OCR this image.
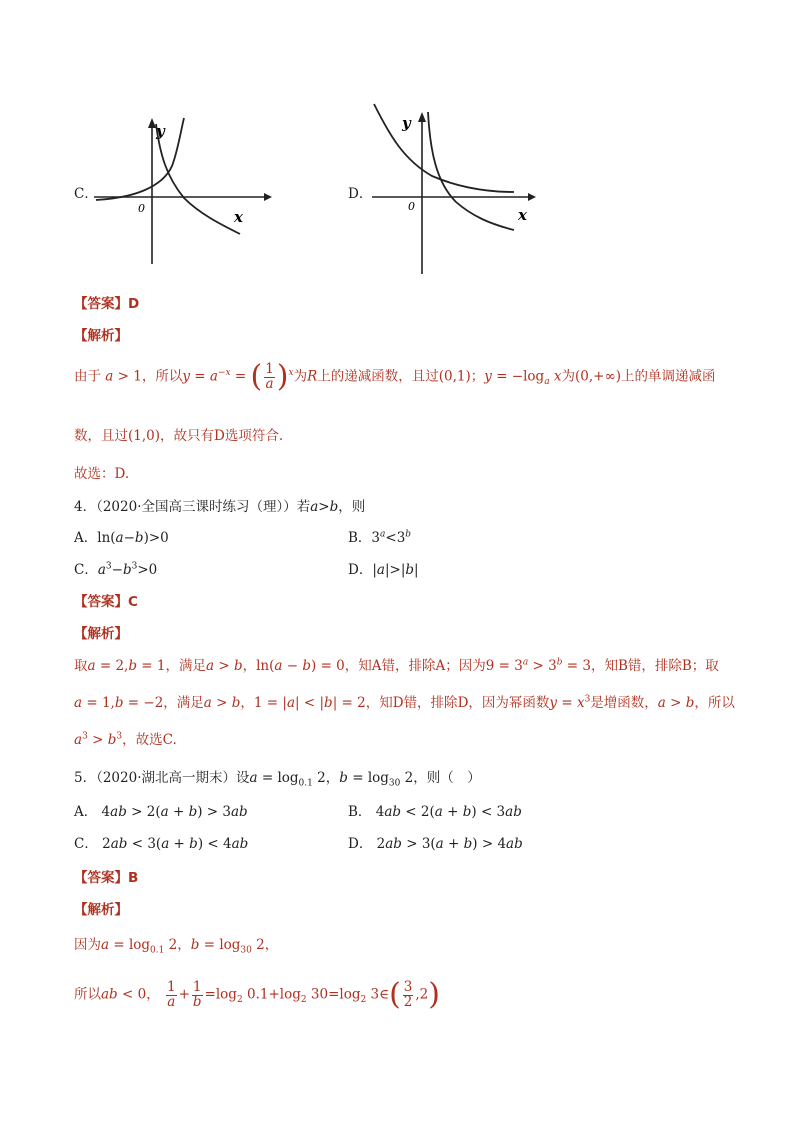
C．
y
x
0
D．
y
x
0
【答案】D
【解析】
由于 a > 1，所以$y = a^{-x}$ = ( $\frac{1}{a} )^x$为R上的递减函数，且过(0,1)；$y = -\log_a$ x为(0,+∞)上的单调递减函
数，且过(1,0)，故只有D选项符合.
故选：D.
4．（2020·全国高三课时练习（理））若a>b，则
A．ln(a−b)>0	B．$3^a<3^b$
C．$a^3-b^3>0$	D．|a|>|b|
【答案】C
【解析】
取a = 2,b = 1，满足a > b，ln(a − b) = 0，知A错，排除A；因为$9 = 3^a > 3^b = 3$，知B错，排除B；取
a = 1,b = −2，满足a > b，1 = |a| < |b| = 2，知D错，排除D，因为幂函数$y = x^3$是增函数，a > b，所以
$a^3 > b^3$，故选C.
5．（2020·湖北高一期末）设$a = \log_{0.1} 2$，$b = \log_{30} 2$，则（　）
A． 4ab > 2(a + b) > 3ab	B． 4ab < 2(a + b) < 3ab
C． 2ab < 3(a + b) < 4ab	D． 2ab > 3(a + b) > 4ab
【答案】B
【解析】
因为$a = \log_{0.1} 2$，$b = \log_{30} 2$，
所以ab < 0， $\frac{1}{a} + \frac{1}{b} =\log_2$ $0.1+\log_2$ $30=\log_2$ 3∈( $\frac{3}{2} ,2$)
